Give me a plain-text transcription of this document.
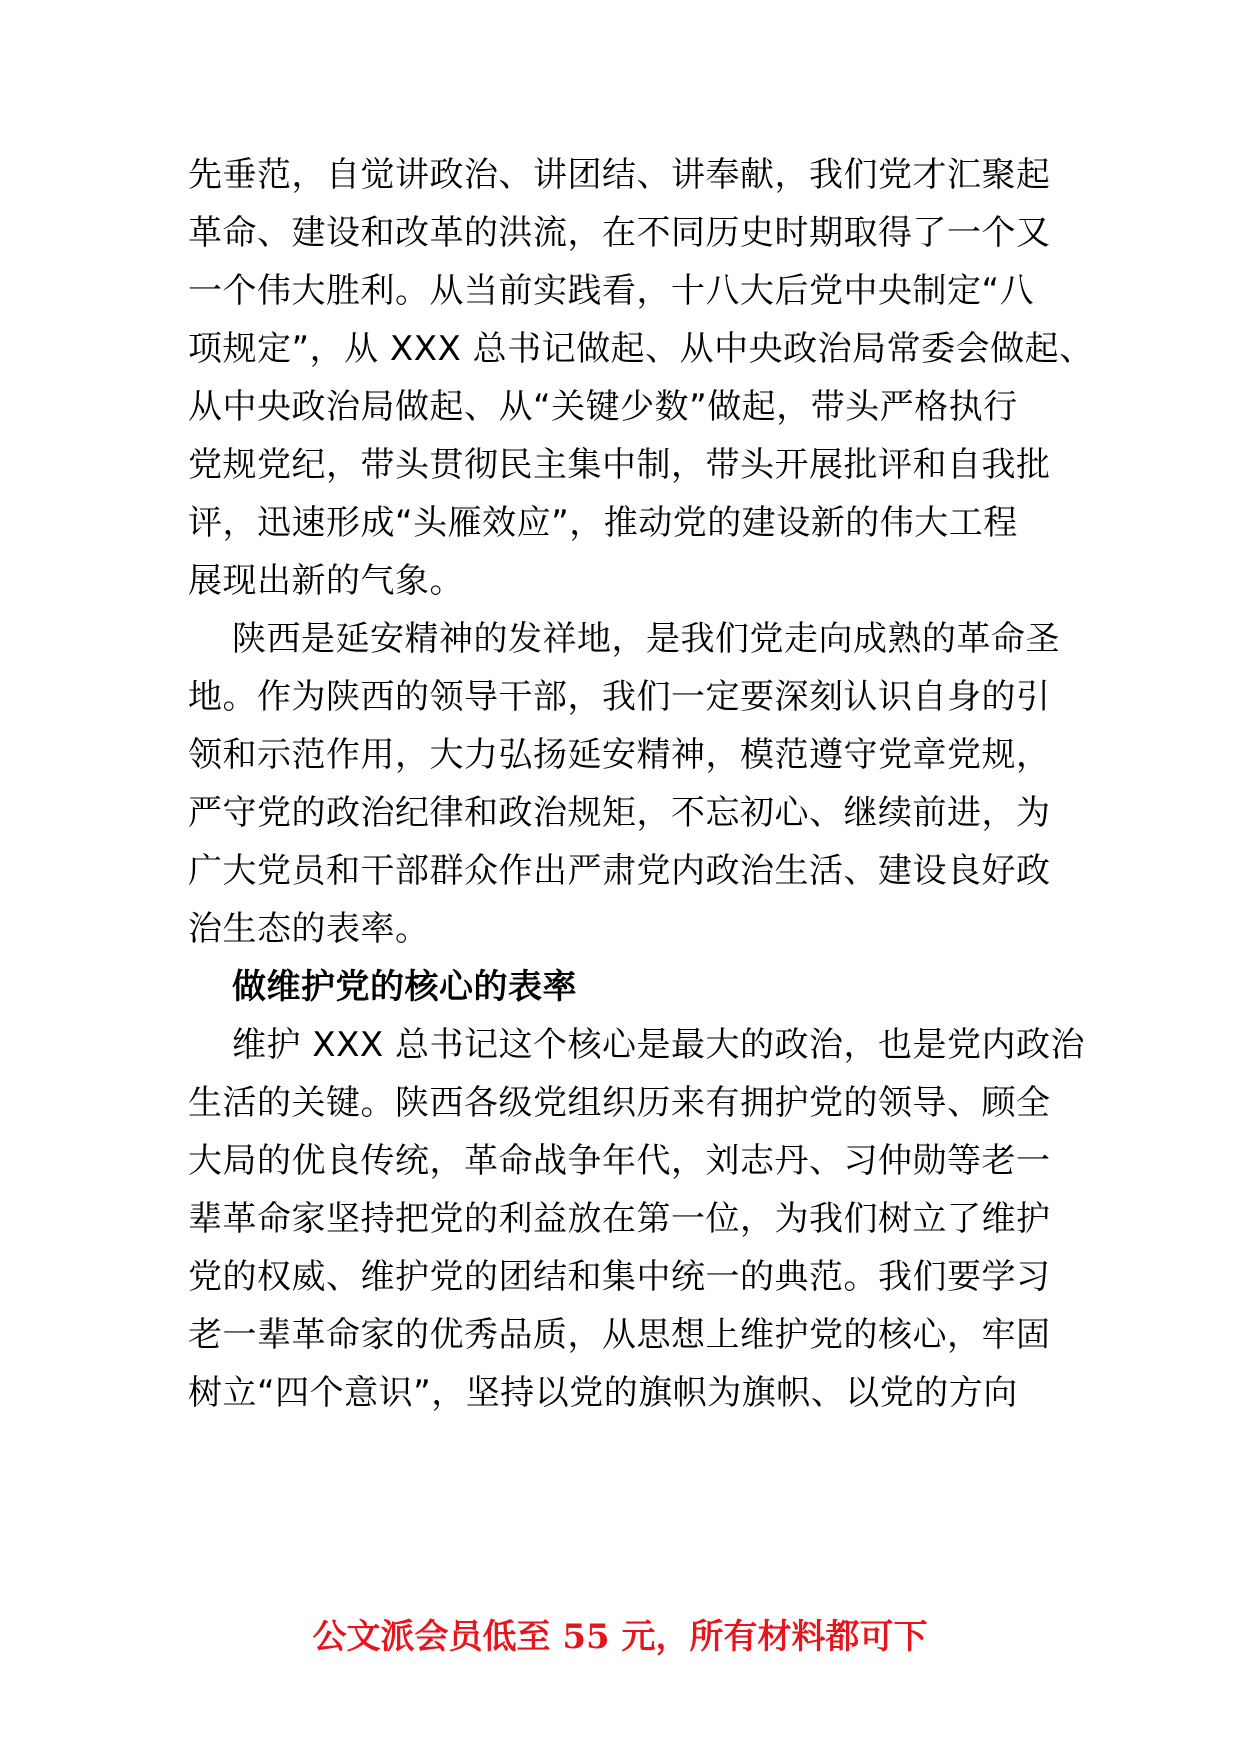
先垂范，自觉讲政治、讲团结、讲奉献，我们党才汇聚起
革命、建设和改革的洪流，在不同历史时期取得了一个又
一个伟大胜利。从当前实践看，十八大后党中央制定“八
项规定”，从 XXX 总书记做起、从中央政治局常委会做起、
从中央政治局做起、从“关键少数”做起，带头严格执行
党规党纪，带头贯彻民主集中制，带头开展批评和自我批
评，迅速形成“头雁效应”，推动党的建设新的伟大工程
展现出新的气象。
陕西是延安精神的发祥地，是我们党走向成熟的革命圣
地。作为陕西的领导干部，我们一定要深刻认识自身的引
领和示范作用，大力弘扬延安精神，模范遵守党章党规，
严守党的政治纪律和政治规矩，不忘初心、继续前进，为
广大党员和干部群众作出严肃党内政治生活、建设良好政
治生态的表率。
做维护党的核心的表率
维护 XXX 总书记这个核心是最大的政治，也是党内政治
生活的关键。陕西各级党组织历来有拥护党的领导、顾全
大局的优良传统，革命战争年代，刘志丹、习仲勋等老一
辈革命家坚持把党的利益放在第一位，为我们树立了维护
党的权威、维护党的团结和集中统一的典范。我们要学习
老一辈革命家的优秀品质，从思想上维护党的核心，牢固
树立“四个意识”，坚持以党的旗帜为旗帜、以党的方向
公文派会员低至 55 元，所有材料都可下
